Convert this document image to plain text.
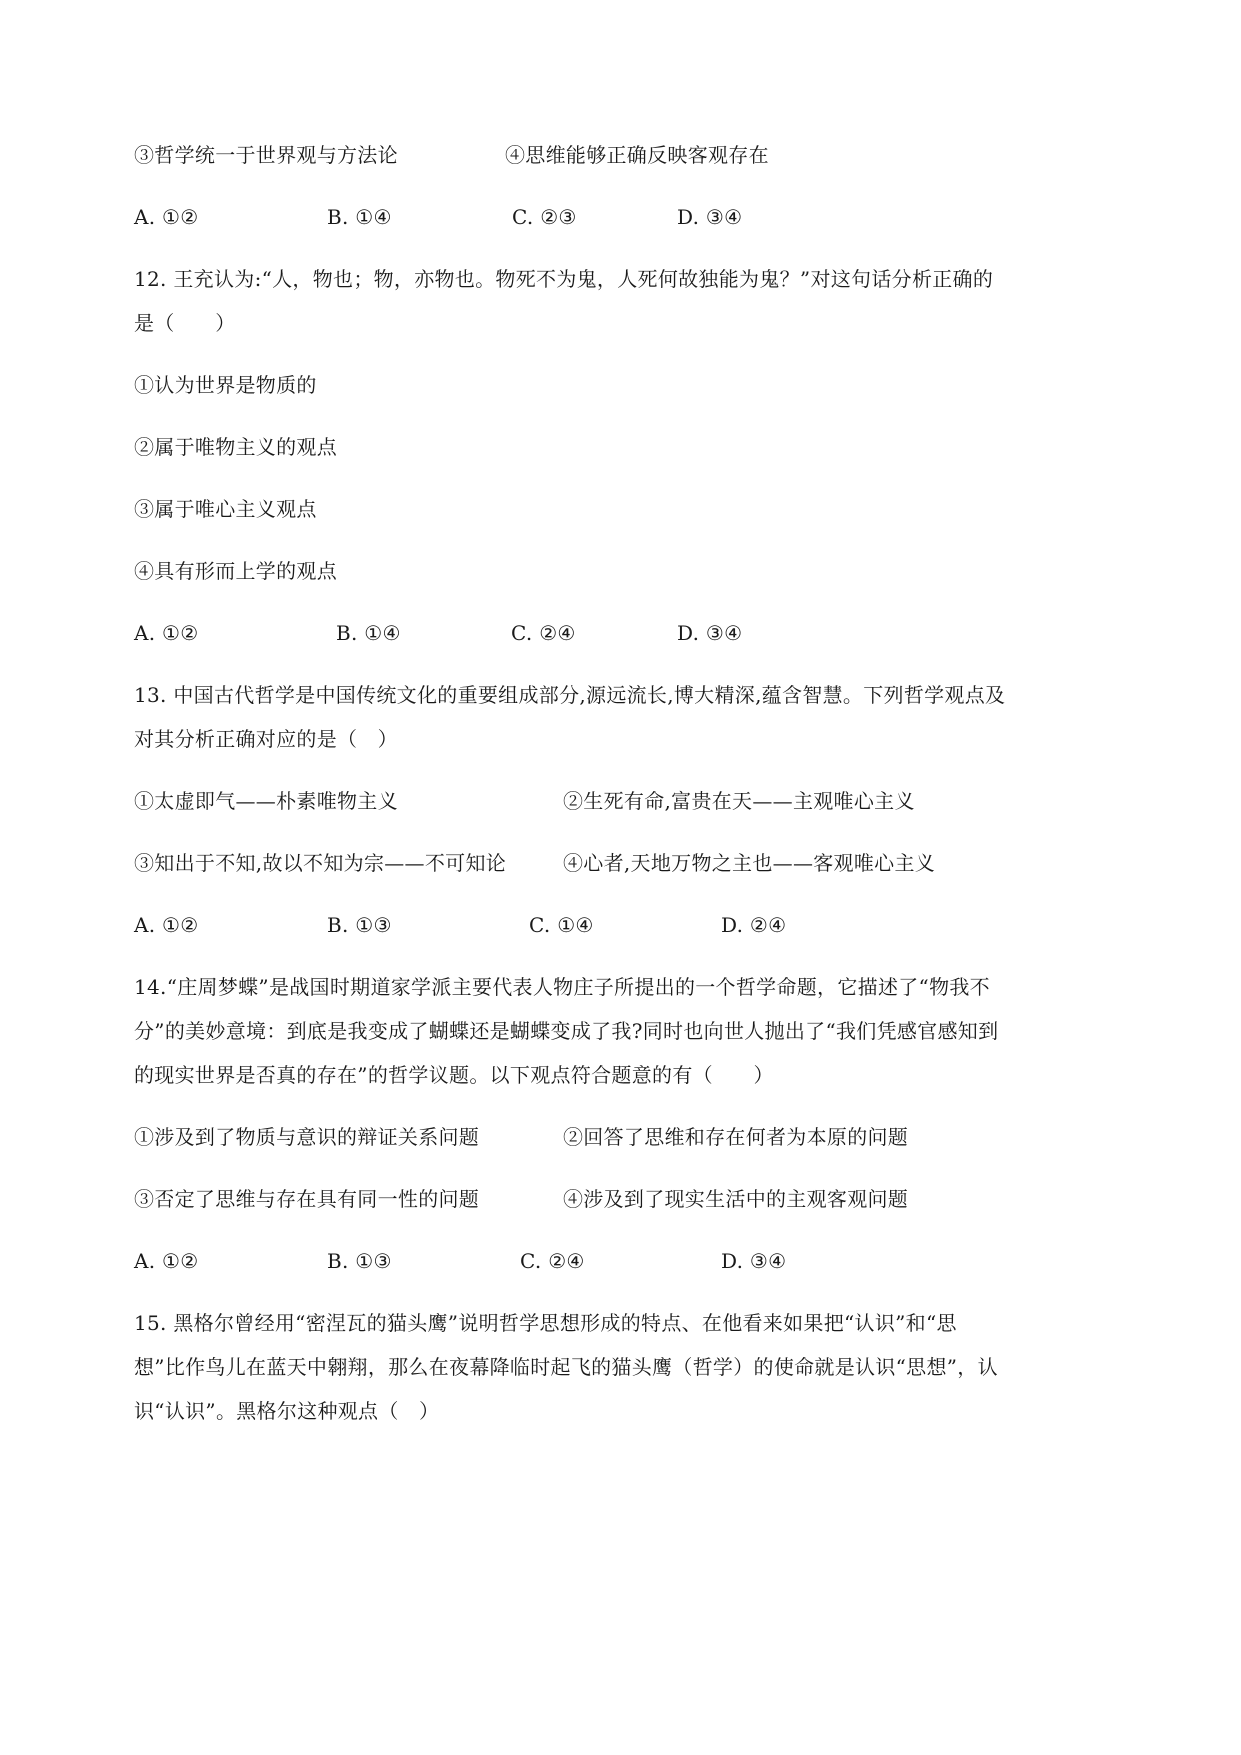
③哲学统一于世界观与方法论	④思维能够正确反映客观存在
A. ①②	B. ①④	C. ②③	D. ③④
12. 王充认为:“人，物也；物，亦物也。物死不为鬼，人死何故独能为鬼？”对这句话分析正确的
是（　　）
①认为世界是物质的
②属于唯物主义的观点
③属于唯心主义观点
④具有形而上学的观点
A. ①②	B. ①④	C. ②④	D. ③④
13. 中国古代哲学是中国传统文化的重要组成部分,源远流长,博大精深,蕴含智慧。下列哲学观点及
对其分析正确对应的是（　）
①太虚即气——朴素唯物主义	②生死有命,富贵在天——主观唯心主义
③知出于不知,故以不知为宗——不可知论	④心者,天地万物之主也——客观唯心主义
A. ①②	B. ①③	C. ①④	D. ②④
14.“庄周梦蝶”是战国时期道家学派主要代表人物庄子所提出的一个哲学命题，它描述了“物我不
分”的美妙意境：到底是我变成了蝴蝶还是蝴蝶变成了我?同时也向世人抛出了“我们凭感官感知到
的现实世界是否真的存在”的哲学议题。以下观点符合题意的有（　　）
①涉及到了物质与意识的辩证关系问题	②回答了思维和存在何者为本原的问题
③否定了思维与存在具有同一性的问题	④涉及到了现实生活中的主观客观问题
A. ①②	B. ①③	C. ②④	D. ③④
15. 黑格尔曾经用“密涅瓦的猫头鹰”说明哲学思想形成的特点、在他看来如果把“认识”和“思
想”比作鸟儿在蓝天中翱翔，那么在夜幕降临时起飞的猫头鹰（哲学）的使命就是认识“思想”，认
识“认识”。黑格尔这种观点（　）
